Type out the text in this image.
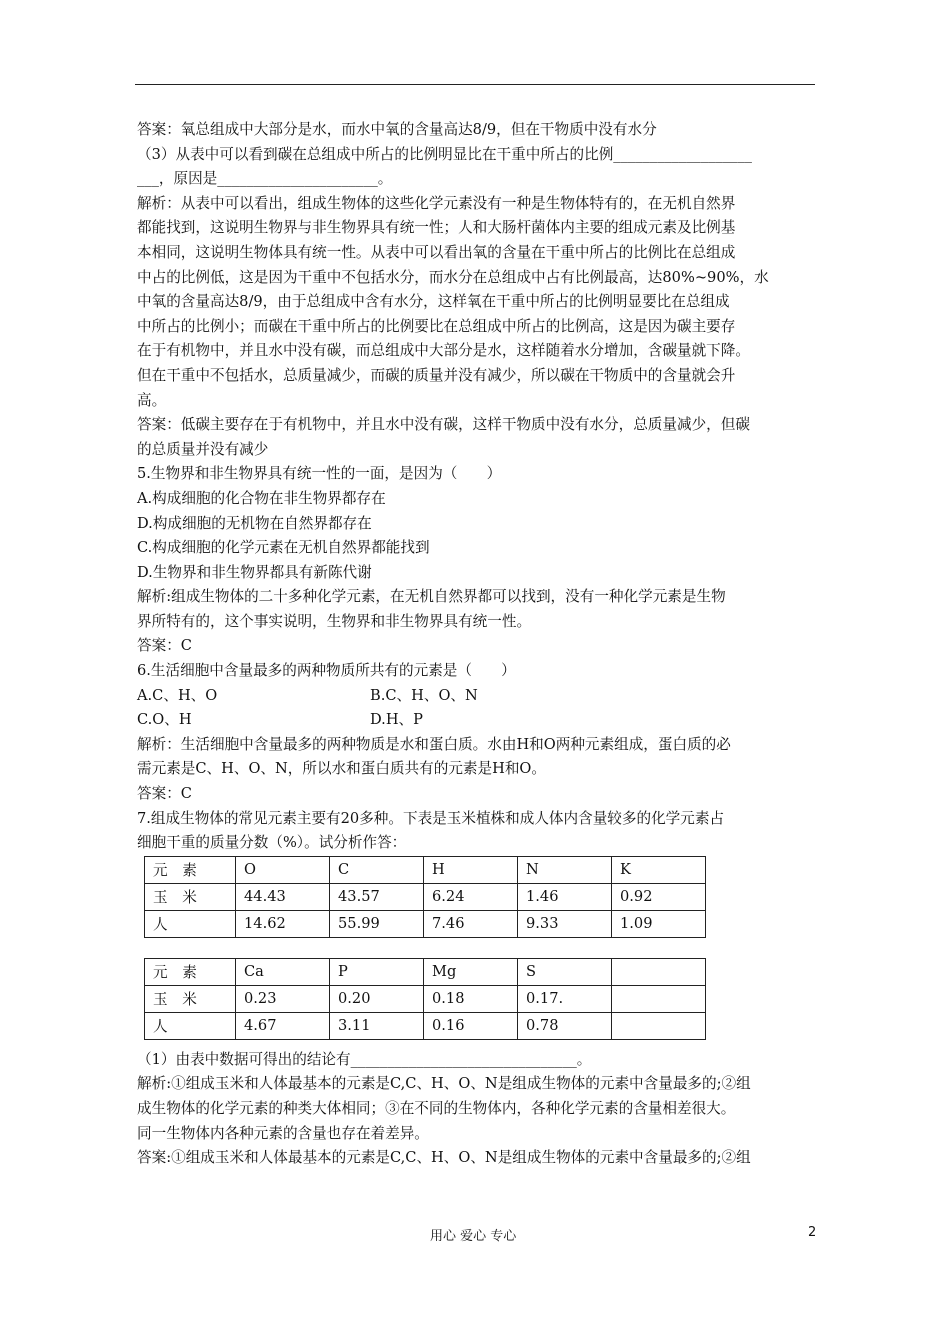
答案：氧总组成中大部分是水，而水中氧的含量高达8/9，但在干物质中没有水分
（3）从表中可以看到碳在总组成中所占的比例明显比在干重中所占的比例___________________
___，原因是______________________。
解析：从表中可以看出，组成生物体的这些化学元素没有一种是生物体特有的，在无机自然界
都能找到，这说明生物界与非生物界具有统一性；人和大肠杆菌体内主要的组成元素及比例基
本相同，这说明生物体具有统一性。从表中可以看出氧的含量在干重中所占的比例比在总组成
中占的比例低，这是因为干重中不包括水分，而水分在总组成中占有比例最高，达80%~90%，水
中氧的含量高达8/9，由于总组成中含有水分，这样氧在干重中所占的比例明显要比在总组成
中所占的比例小；而碳在干重中所占的比例要比在总组成中所占的比例高，这是因为碳主要存
在于有机物中，并且水中没有碳，而总组成中大部分是水，这样随着水分增加，含碳量就下降。
但在干重中不包括水，总质量减少，而碳的质量并没有减少，所以碳在干物质中的含量就会升
高。
答案：低碳主要存在于有机物中，并且水中没有碳，这样干物质中没有水分，总质量减少，但碳
的总质量并没有减少
5.生物界和非生物界具有统一性的一面，是因为（　　）
A.构成细胞的化合物在非生物界都存在
D.构成细胞的无机物在自然界都存在
C.构成细胞的化学元素在无机自然界都能找到
D.生物界和非生物界都具有新陈代谢
解析:组成生物体的二十多种化学元素，在无机自然界都可以找到，没有一种化学元素是生物
界所特有的，这个事实说明，生物界和非生物界具有统一性。
答案：C
6.生活细胞中含量最多的两种物质所共有的元素是（　　）
A.C、H、O	B.C、H、O、N
C.O、H	D.H、P
解析：生活细胞中含量最多的两种物质是水和蛋白质。水由H和O两种元素组成，蛋白质的必
需元素是C、H、O、N，所以水和蛋白质共有的元素是H和O。
答案：C
7.组成生物体的常见元素主要有20多种。下表是玉米植株和成人体内含量较多的化学元素占
细胞干重的质量分数（%）。试分析作答：
元　素	O	C	H	N	K
玉　米	44.43	43.57	6.24	1.46	0.92
人	14.62	55.99	7.46	9.33	1.09
元　素	Ca	P	Mg	S	
玉　米	0.23	0.20	0.18	0.17.	
人	4.67	3.11	0.16	0.78	
（1）由表中数据可得出的结论有_______________________________。
解析:①组成玉米和人体最基本的元素是C,C、H、O、N是组成生物体的元素中含量最多的;②组
成生物体的化学元素的种类大体相同；③在不同的生物体内，各种化学元素的含量相差很大。
同一生物体内各种元素的含量也存在着差异。
答案:①组成玉米和人体最基本的元素是C,C、H、O、N是组成生物体的元素中含量最多的;②组
用心 爱心 专心	2
